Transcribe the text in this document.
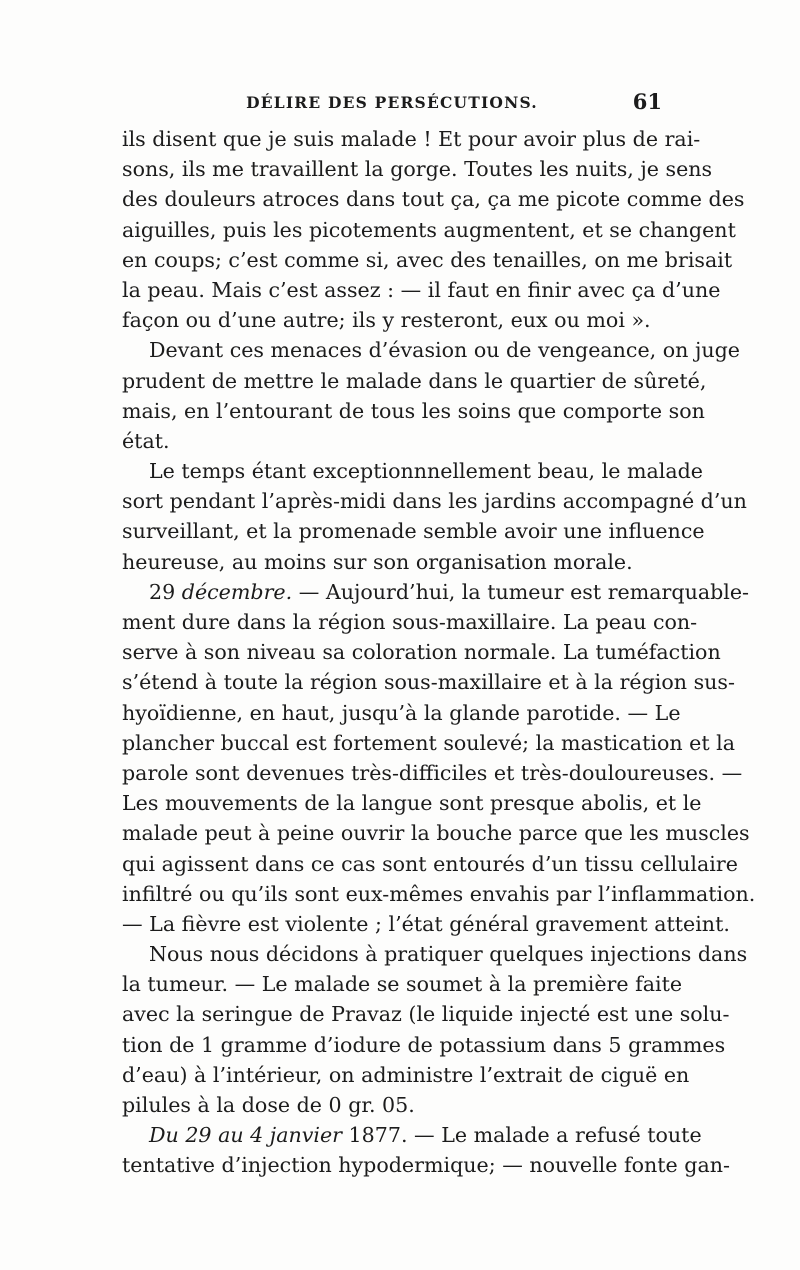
DÉLIRE DES PERSÉCUTIONS.	61
ils disent que je suis malade ! Et pour avoir plus de rai-
sons, ils me travaillent la gorge. Toutes les nuits, je sens
des douleurs atroces dans tout ça, ça me picote comme des
aiguilles, puis les picotements augmentent, et se changent
en coups; c’est comme si, avec des tenailles, on me brisait
la peau. Mais c’est assez : — il faut en finir avec ça d’une
façon ou d’une autre; ils y resteront, eux ou moi ».
Devant ces menaces d’évasion ou de vengeance, on juge
prudent de mettre le malade dans le quartier de sûreté,
mais, en l’entourant de tous les soins que comporte son
état.
Le temps étant exceptionnnellement beau, le malade
sort pendant l’après-midi dans les jardins accompagné d’un
surveillant, et la promenade semble avoir une influence
heureuse, au moins sur son organisation morale.
29 décembre. — Aujourd’hui, la tumeur est remarquable-
ment dure dans la région sous-maxillaire. La peau con-
serve à son niveau sa coloration normale. La tuméfaction
s’étend à toute la région sous-maxillaire et à la région sus-
hyoïdienne, en haut, jusqu’à la glande parotide. — Le
plancher buccal est fortement soulevé; la mastication et la
parole sont devenues très-difficiles et très-douloureuses. —
Les mouvements de la langue sont presque abolis, et le
malade peut à peine ouvrir la bouche parce que les muscles
qui agissent dans ce cas sont entourés d’un tissu cellulaire
infiltré ou qu’ils sont eux-mêmes envahis par l’inflammation.
— La fièvre est violente ; l’état général gravement atteint.
Nous nous décidons à pratiquer quelques injections dans
la tumeur. — Le malade se soumet à la première faite
avec la seringue de Pravaz (le liquide injecté est une solu-
tion de 1 gramme d’iodure de potassium dans 5 grammes
d’eau) à l’intérieur, on administre l’extrait de ciguë en
pilules à la dose de 0 gr. 05.
Du 29 au 4 janvier 1877. — Le malade a refusé toute
tentative d’injection hypodermique; — nouvelle fonte gan-
